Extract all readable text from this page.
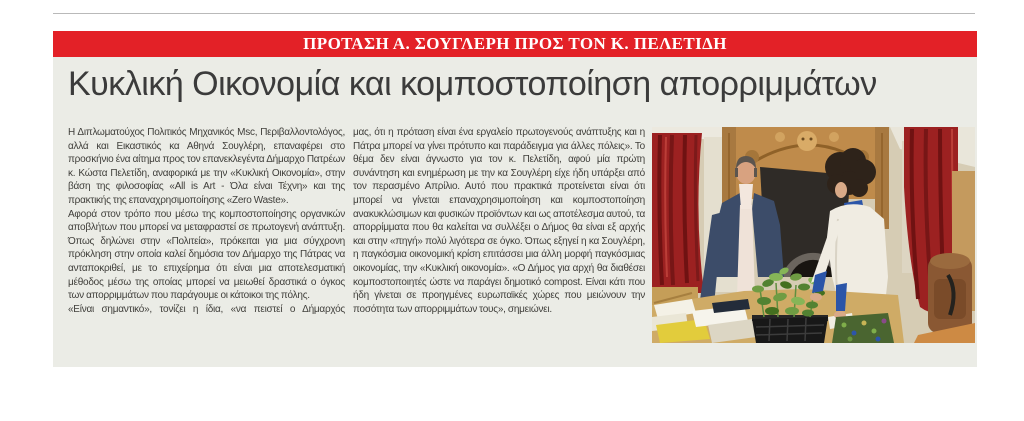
ΠΡΟΤΑΣΗ Α. ΣΟΥΓΛΕΡΗ ΠΡΟΣ ΤΟΝ Κ. ΠΕΛΕΤΙΔΗ
Κυκλική Οικονομία και κομποστοποίηση απορριμμάτων

Η Διπλωματούχος Πολιτικός Μηχανικός Msc, Περιβαλλοντολόγος, αλλά και Εικαστικός κα Αθηνά Σουγλέρη, επαναφέρει στο προσκήνιο ένα αίτημα προς τον επανεκλεγέντα Δήμαρχο Πατρέων κ. Κώστα Πελετίδη, αναφορικά με την «Κυκλική Οικονομία», στην βάση της φιλοσοφίας «All is Art - Όλα είναι Τέχνη» και της πρακτικής της επαναχρησιμοποίησης «Zero Waste».

Αφορά στον τρόπο που μέσω της κομποστοποίησης οργανικών αποβλήτων που μπορεί να μεταφραστεί σε πρωτογενή ανάπτυξη. Όπως δηλώνει στην «Πολιτεία», πρόκειται για μια σύγχρονη πρόκληση στην οποία καλεί δημόσια τον Δήμαρχο της Πάτρας να ανταποκριθεί, με το επιχείρημα ότι είναι μια αποτελεσματική μέθοδος μέσω της οποίας μπορεί να μειωθεί δραστικά ο όγκος των απορριμμάτων που παράγουμε οι κάτοικοι της πόλης.

«Είναι σημαντικό», τονίζει η ίδια, «να πειστεί ο Δήμαρχός

μας, ότι η πρόταση είναι ένα εργαλείο πρωτογενούς ανάπτυξης και η Πάτρα μπορεί να γίνει πρότυπο και παράδειγμα για άλλες πόλεις». Το θέμα δεν είναι άγνωστο για τον κ. Πελετίδη, αφού μία πρώτη συνάντηση και ενημέρωση με την κα Σουγλέρη είχε ήδη υπάρξει από τον περασμένο Απρίλιο. Αυτό που πρακτικά προτείνεται είναι ότι μπορεί να γίνεται επαναχρησιμοποίηση και κομποστοποίηση ανακυκλώσιμων και φυσικών προϊόντων και ως αποτέλεσμα αυτού, τα απορρίμματα που θα καλείται να συλλέξει ο Δήμος θα είναι εξ αρχής και στην «πηγή» πολύ λιγότερα σε όγκο. Όπως εξηγεί η κα Σουγλέρη, η παγκόσμια οικονομική κρίση επιτάσσει μια άλλη μορφή παγκόσμιας οικονομίας, την «Κυκλική οικονομία». «Ο Δήμος για αρχή θα διαθέσει κομποστοποιητές ώστε να παράγει δημοτικό compost. Είναι κάτι που ήδη γίνεται σε προηγμένες ευρωπαϊκές χώρες που μειώνουν την ποσότητα των απορριμμάτων τους», σημειώνει.
